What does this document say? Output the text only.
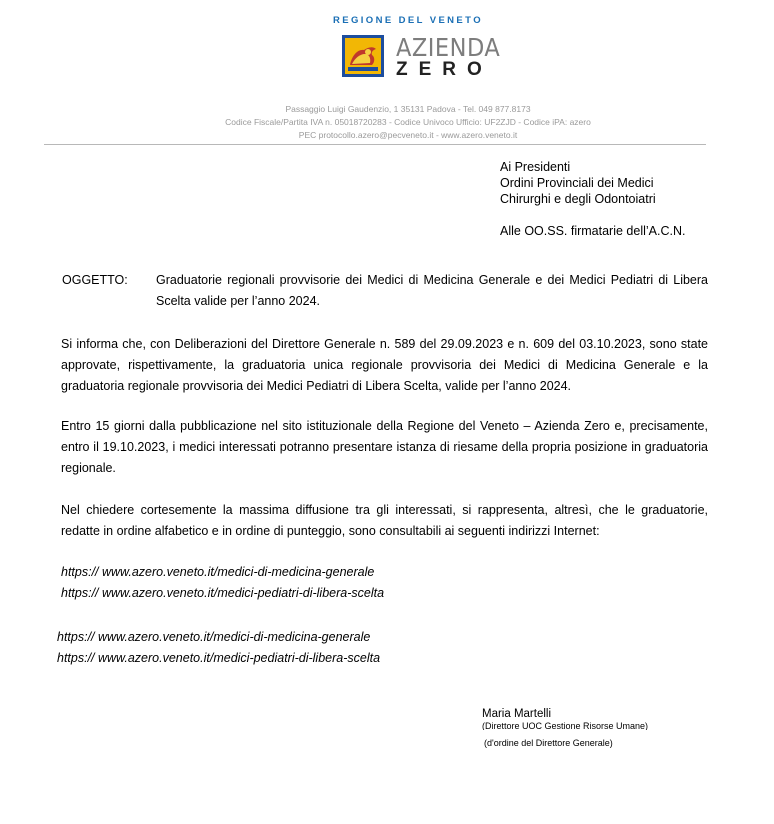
REGIONE DEL VENETO
AZIENDA
ZERO
Passaggio Luigi Gaudenzio, 1 35131 Padova - Tel. 049 877.8173
Codice Fiscale/Partita IVA n. 05018720283 - Codice Univoco Ufficio: UF2ZJD - Codice iPA: azero
PEC protocollo.azero@pecveneto.it - www.azero.veneto.it
Ai Presidenti
Ordini Provinciali dei Medici
Chirurghi e degli Odontoiatri
Alle OO.SS. firmatarie dell’A.C.N.
OGGETTO: Graduatorie regionali provvisorie dei Medici di Medicina Generale e dei Medici Pediatri di Libera Scelta valide per l’anno 2024.
Si informa che, con Deliberazioni del Direttore Generale n. 589 del 29.09.2023 e n. 609 del 03.10.2023, sono state approvate, rispettivamente, la graduatoria unica regionale provvisoria dei Medici di Medicina Generale e la graduatoria regionale provvisoria dei Medici Pediatri di Libera Scelta, valide per l’anno 2024.
Entro 15 giorni dalla pubblicazione nel sito istituzionale della Regione del Veneto – Azienda Zero e, precisamente, entro il 19.10.2023, i medici interessati potranno presentare istanza di riesame della propria posizione in graduatoria regionale.
Nel chiedere cortesemente la massima diffusione tra gli interessati, si rappresenta, altresì, che le graduatorie, redatte in ordine alfabetico e in ordine di punteggio, sono consultabili ai seguenti indirizzi Internet:
https:// www.azero.veneto.it/medici-di-medicina-generale
https:// www.azero.veneto.it/medici-pediatri-di-libera-scelta
https:// www.azero.veneto.it/medici-di-medicina-generale
https:// www.azero.veneto.it/medici-pediatri-di-libera-scelta
Maria Martelli
(Direttore UOC Gestione Risorse Umane)
(d'ordine del Direttore Generale)
